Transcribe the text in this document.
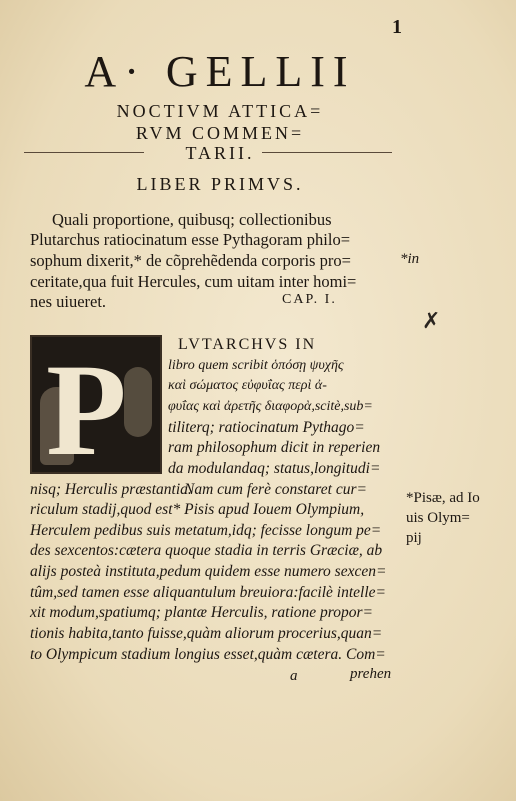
1
A· GELLII
NOCTIVM ATTICA=
RVM COMMEN=
TARII.
LIBER PRIMVS.
Quali proportione, quibusq; collectionibus
Plutarchus ratiocinatum esse Pythagoram philo=
sophum dixerit,* de cõprehẽdenda corporis pro=
ceritate,qua fuit Hercules, cum uitam inter homi=
nes uiueret.	CAP. I.
*in
✗
P	LVTARCHVS IN
libro quem scribit ὁπόσῃ ψυχῆς
καὶ σώματος εὐφυΐας περὶ ἀ-
φυΐας καὶ ἀρετῆς διαφορὰ,scitè,sub=
tiliterq; ratiocinatum Pythago=
ram philosophum dicit in reperien
da modulandaq; status,longitudi=
nisq; Herculis præstantia.
Nam cum ferè constaret cur=
riculum stadij,quod est* Pisis apud Iouem Olympium,
Herculem pedibus suis metatum,idq; fecisse longum pe=
des sexcentos:cætera quoque stadia in terris Græciæ, ab
alijs posteà instituta,pedum quidem esse numero sexcen=
tûm,sed tamen esse aliquantulum breuiora:facilè intelle=
xit modum,spatiumq; plantæ Herculis, ratione propor=
tionis habita,tanto fuisse,quàm aliorum procerius,quan=
to Olympicum stadium longius esset,quàm cætera. Com=
*Pisæ, ad Io
uis Olym=
pij
a	prehen
